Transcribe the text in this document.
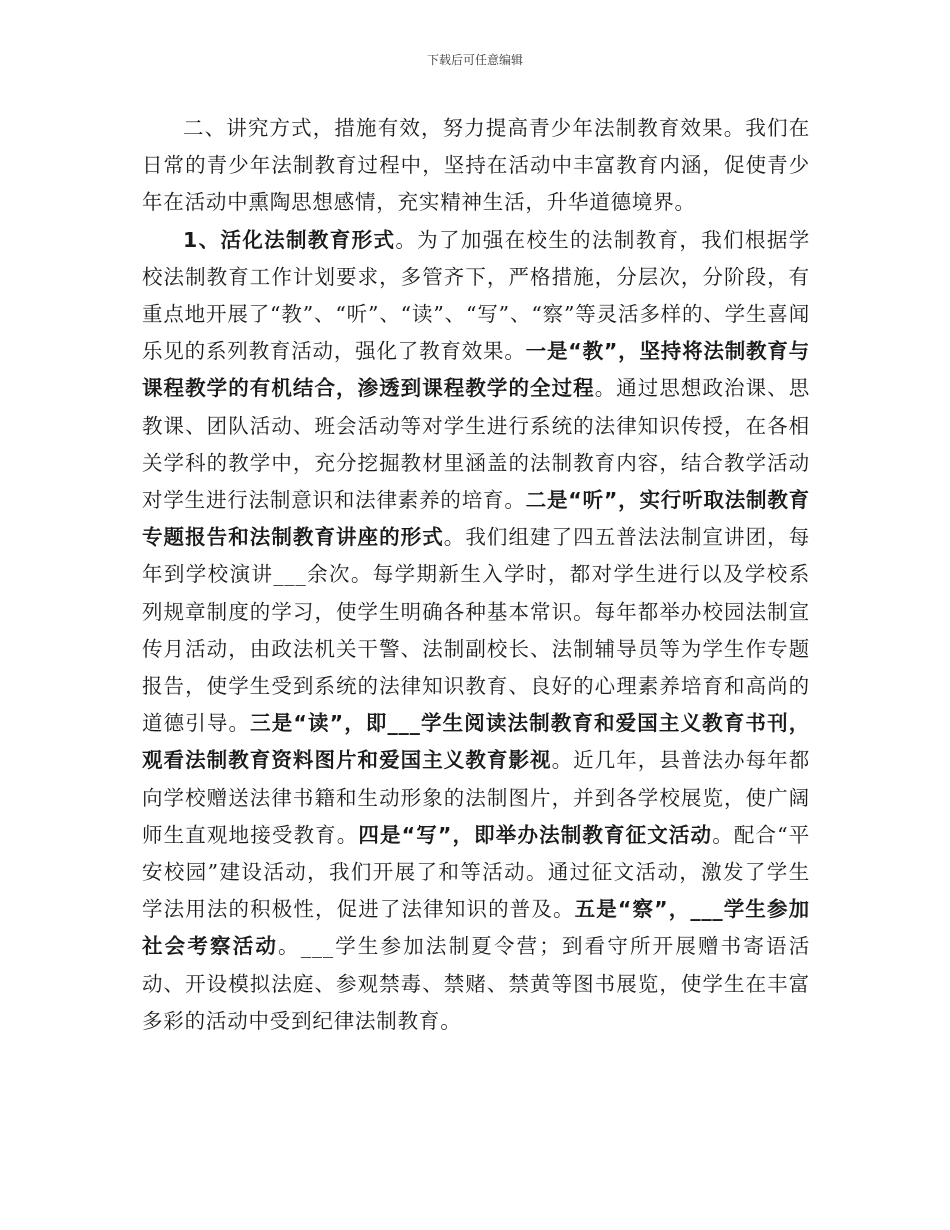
下载后可任意编辑

二、讲究方式，措施有效，努力提高青少年法制教育效果。我们在日常的青少年法制教育过程中，坚持在活动中丰富教育内涵，促使青少年在活动中熏陶思想感情，充实精神生活，升华道德境界。

1、活化法制教育形式。为了加强在校生的法制教育，我们根据学校法制教育工作计划要求，多管齐下，严格措施，分层次，分阶段，有重点地开展了“教”、“听”、“读”、“写”、“察”等灵活多样的、学生喜闻乐见的系列教育活动，强化了教育效果。一是“教”，坚持将法制教育与课程教学的有机结合，渗透到课程教学的全过程。通过思想政治课、思教课、团队活动、班会活动等对学生进行系统的法律知识传授，在各相关学科的教学中，充分挖掘教材里涵盖的法制教育内容，结合教学活动对学生进行法制意识和法律素养的培育。二是“听”，实行听取法制教育专题报告和法制教育讲座的形式。我们组建了四五普法法制宣讲团，每年到学校演讲___余次。每学期新生入学时，都对学生进行以及学校系列规章制度的学习，使学生明确各种基本常识。每年都举办校园法制宣传月活动，由政法机关干警、法制副校长、法制辅导员等为学生作专题报告，使学生受到系统的法律知识教育、良好的心理素养培育和高尚的道德引导。三是“读”，即___学生阅读法制教育和爱国主义教育书刊，观看法制教育资料图片和爱国主义教育影视。近几年，县普法办每年都向学校赠送法律书籍和生动形象的法制图片，并到各学校展览，使广阔师生直观地接受教育。四是“写”，即举办法制教育征文活动。配合“平安校园”建设活动，我们开展了和等活动。通过征文活动，激发了学生学法用法的积极性，促进了法律知识的普及。五是“察”，___学生参加社会考察活动。___学生参加法制夏令营；到看守所开展赠书寄语活动、开设模拟法庭、参观禁毒、禁赌、禁黄等图书展览，使学生在丰富多彩的活动中受到纪律法制教育。
